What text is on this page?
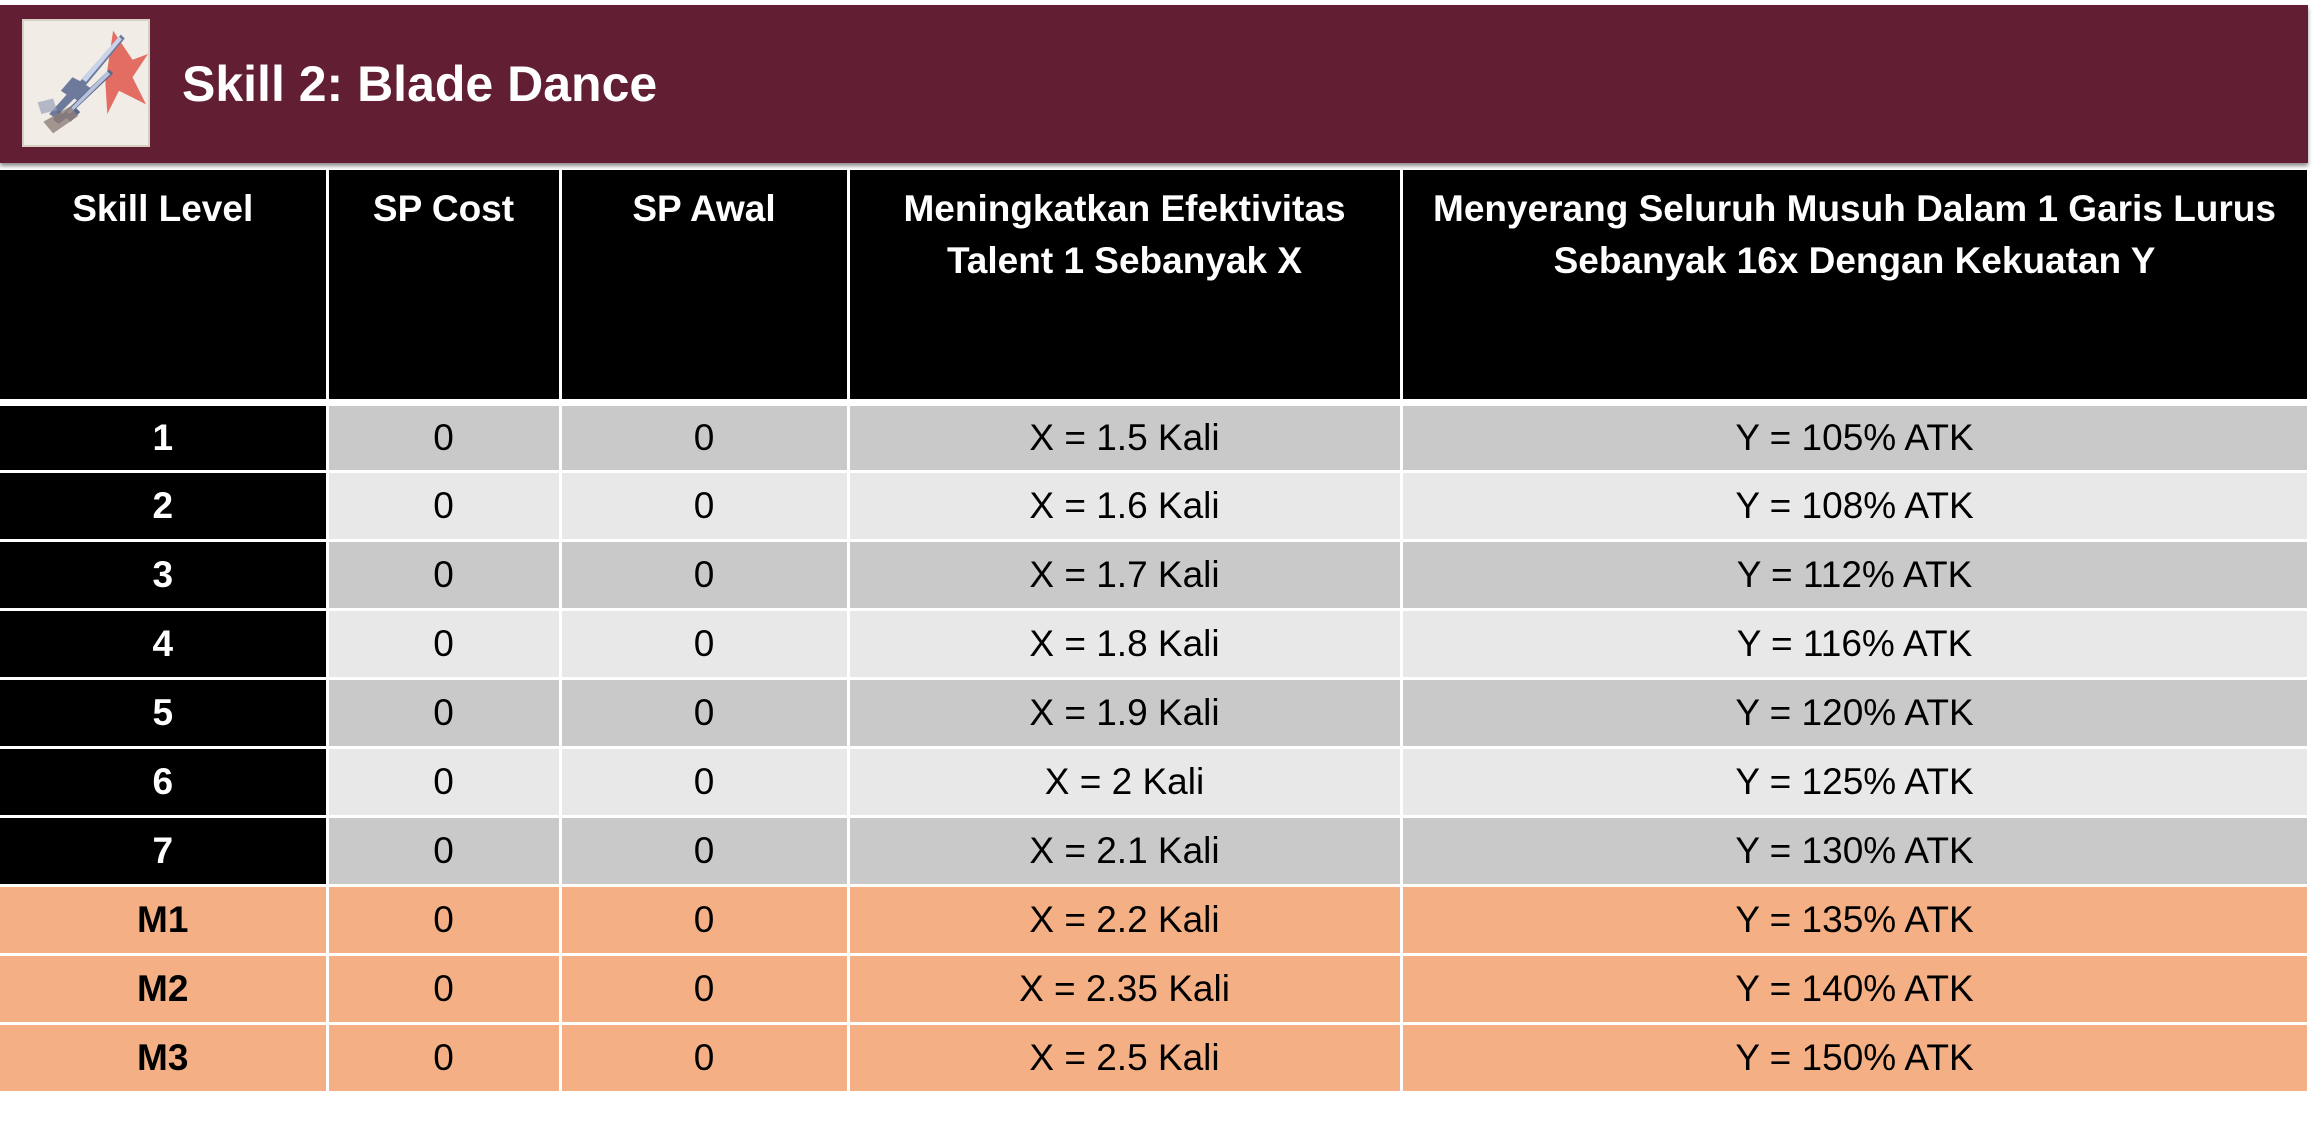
Skill 2: Blade Dance
Skill Level	SP Cost	SP Awal	Meningkatkan Efektivitas Talent 1 Sebanyak X	Menyerang Seluruh Musuh Dalam 1 Garis Lurus Sebanyak 16x Dengan Kekuatan Y
1	0	0	X = 1.5 Kali	Y = 105% ATK
2	0	0	X = 1.6 Kali	Y = 108% ATK
3	0	0	X = 1.7 Kali	Y = 112% ATK
4	0	0	X = 1.8 Kali	Y = 116% ATK
5	0	0	X = 1.9 Kali	Y = 120% ATK
6	0	0	X = 2 Kali	Y = 125% ATK
7	0	0	X = 2.1 Kali	Y = 130% ATK
M1	0	0	X = 2.2 Kali	Y = 135% ATK
M2	0	0	X = 2.35 Kali	Y = 140% ATK
M3	0	0	X = 2.5 Kali	Y = 150% ATK
